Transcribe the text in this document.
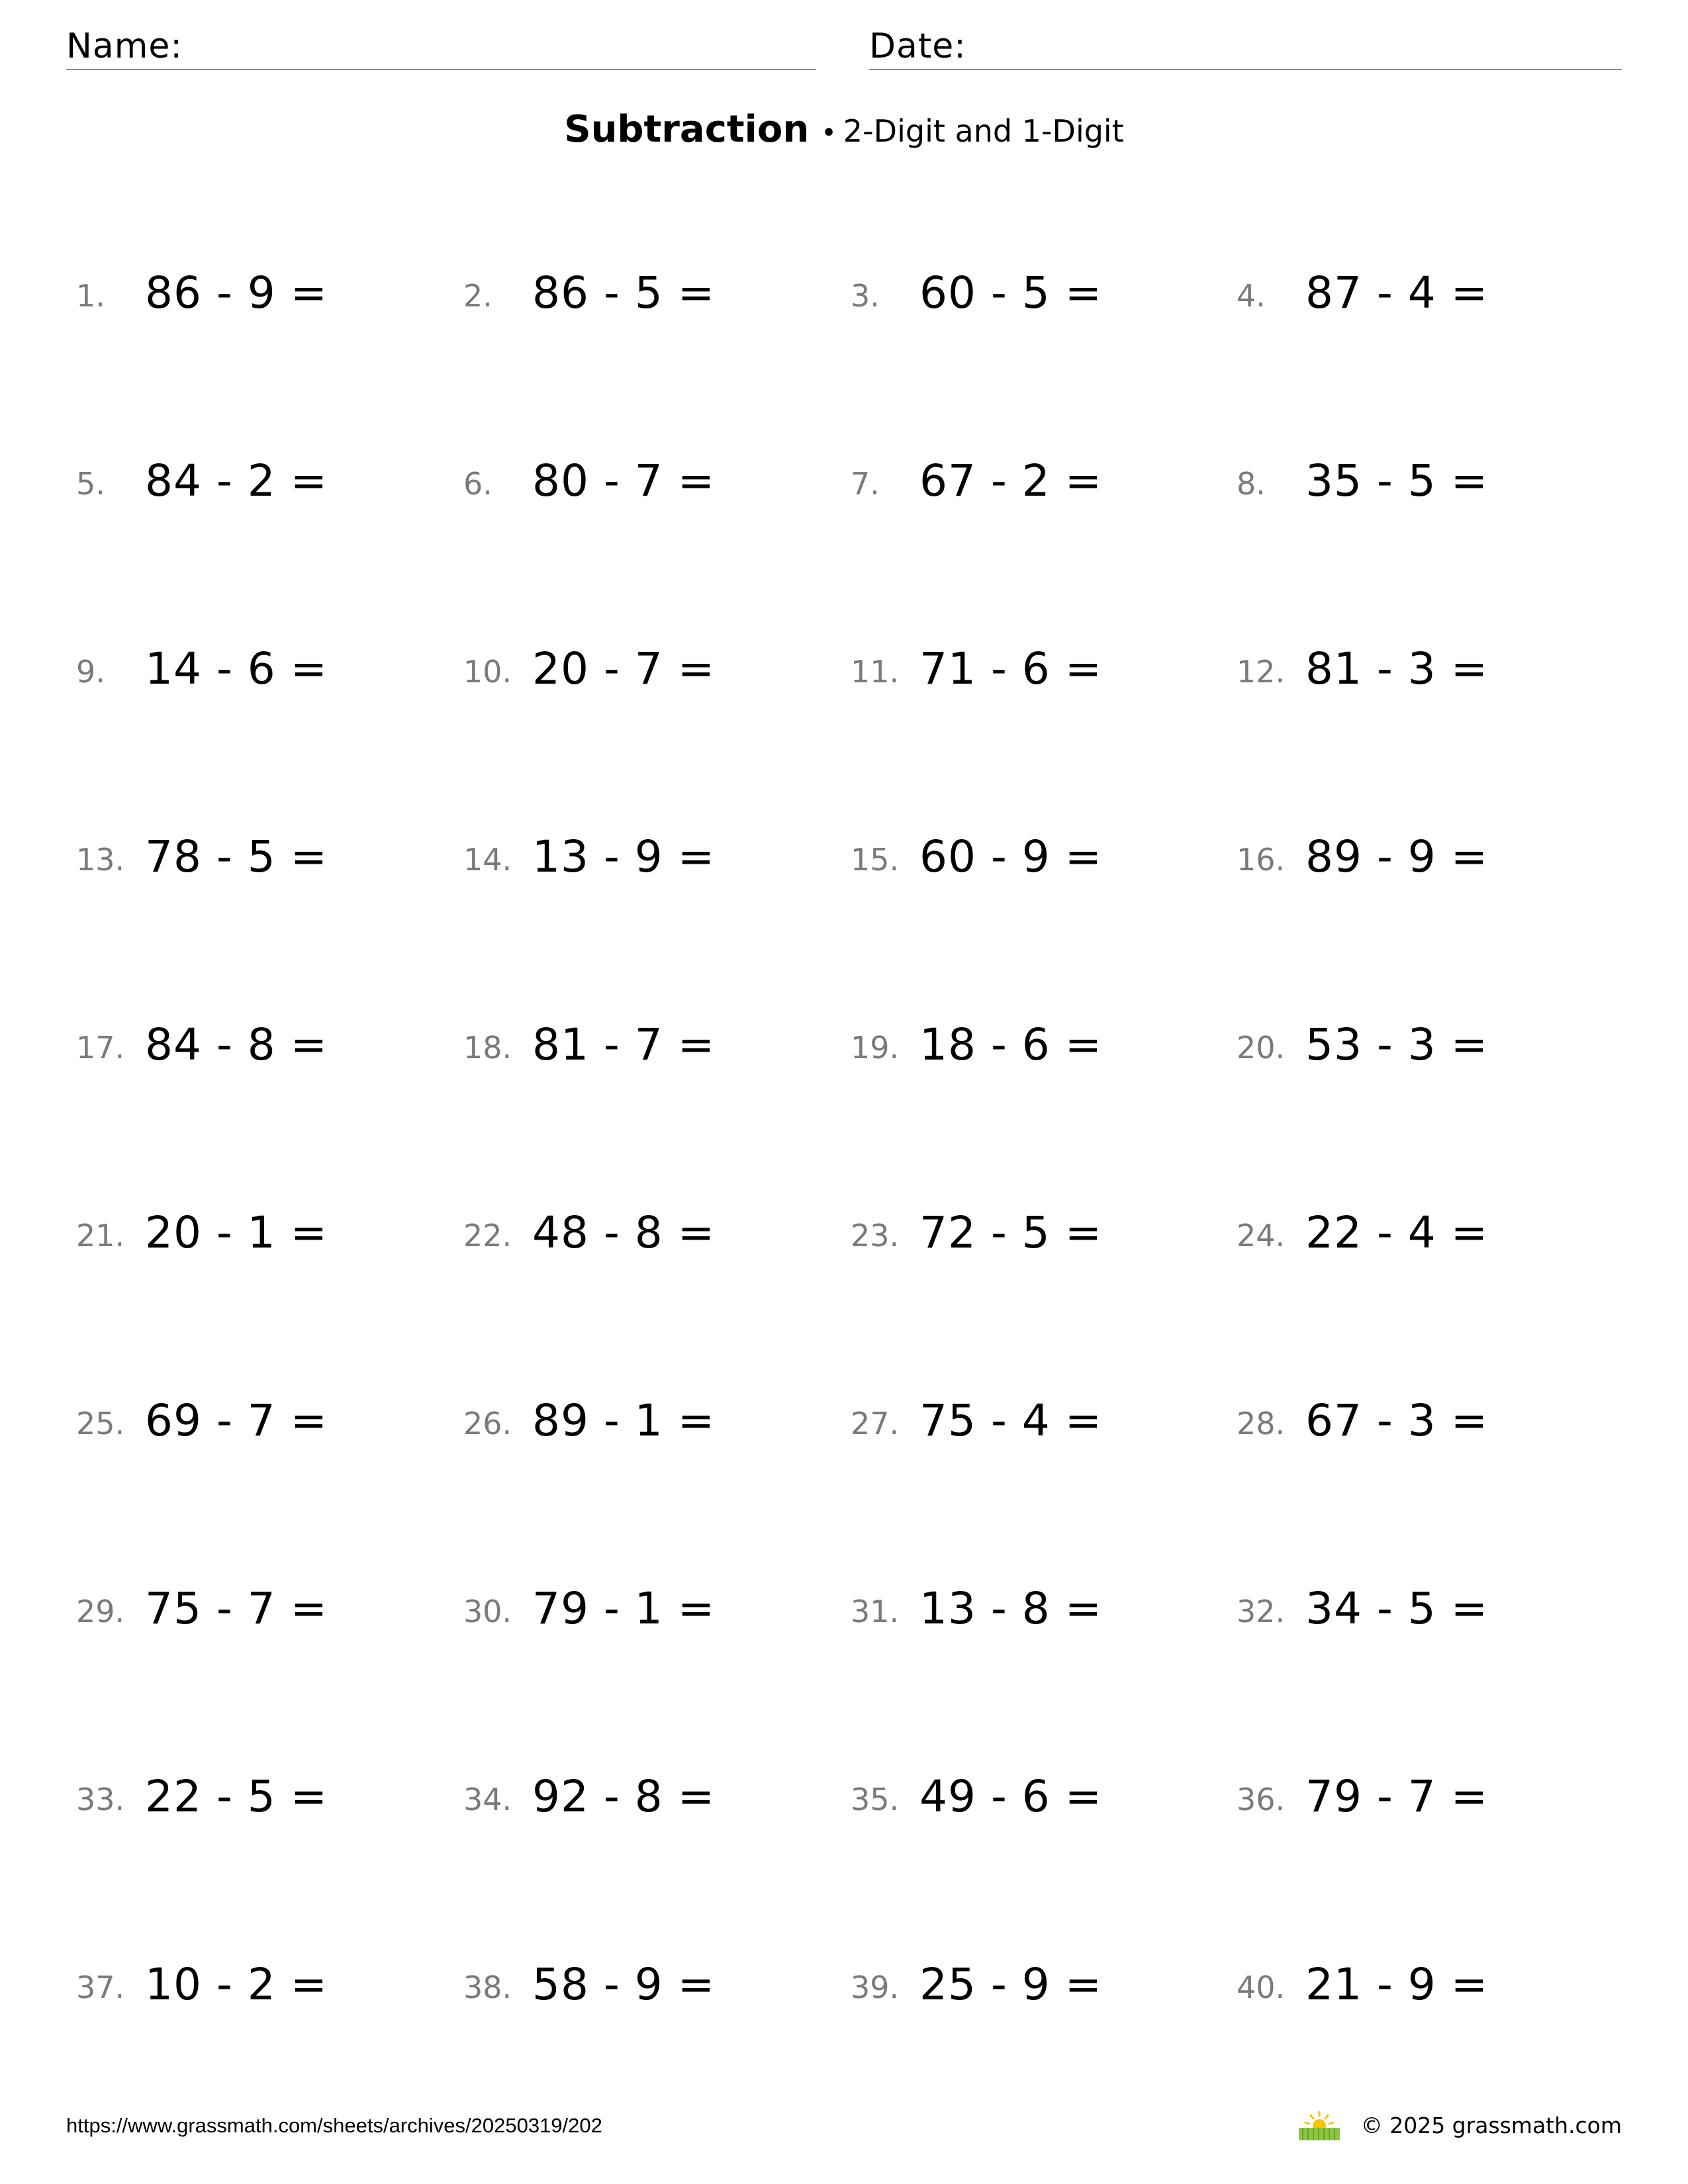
Name:	Date:
Subtraction • 2-Digit and 1-Digit
1. 86 - 9 =	2. 86 - 5 =	3. 60 - 5 =	4. 87 - 4 =
5. 84 - 2 =	6. 80 - 7 =	7. 67 - 2 =	8. 35 - 5 =
9. 14 - 6 =	10. 20 - 7 =	11. 71 - 6 =	12. 81 - 3 =
13. 78 - 5 =	14. 13 - 9 =	15. 60 - 9 =	16. 89 - 9 =
17. 84 - 8 =	18. 81 - 7 =	19. 18 - 6 =	20. 53 - 3 =
21. 20 - 1 =	22. 48 - 8 =	23. 72 - 5 =	24. 22 - 4 =
25. 69 - 7 =	26. 89 - 1 =	27. 75 - 4 =	28. 67 - 3 =
29. 75 - 7 =	30. 79 - 1 =	31. 13 - 8 =	32. 34 - 5 =
33. 22 - 5 =	34. 92 - 8 =	35. 49 - 6 =	36. 79 - 7 =
37. 10 - 2 =	38. 58 - 9 =	39. 25 - 9 =	40. 21 - 9 =
https://www.grassmath.com/sheets/archives/20250319/202	© 2025 grassmath.com
